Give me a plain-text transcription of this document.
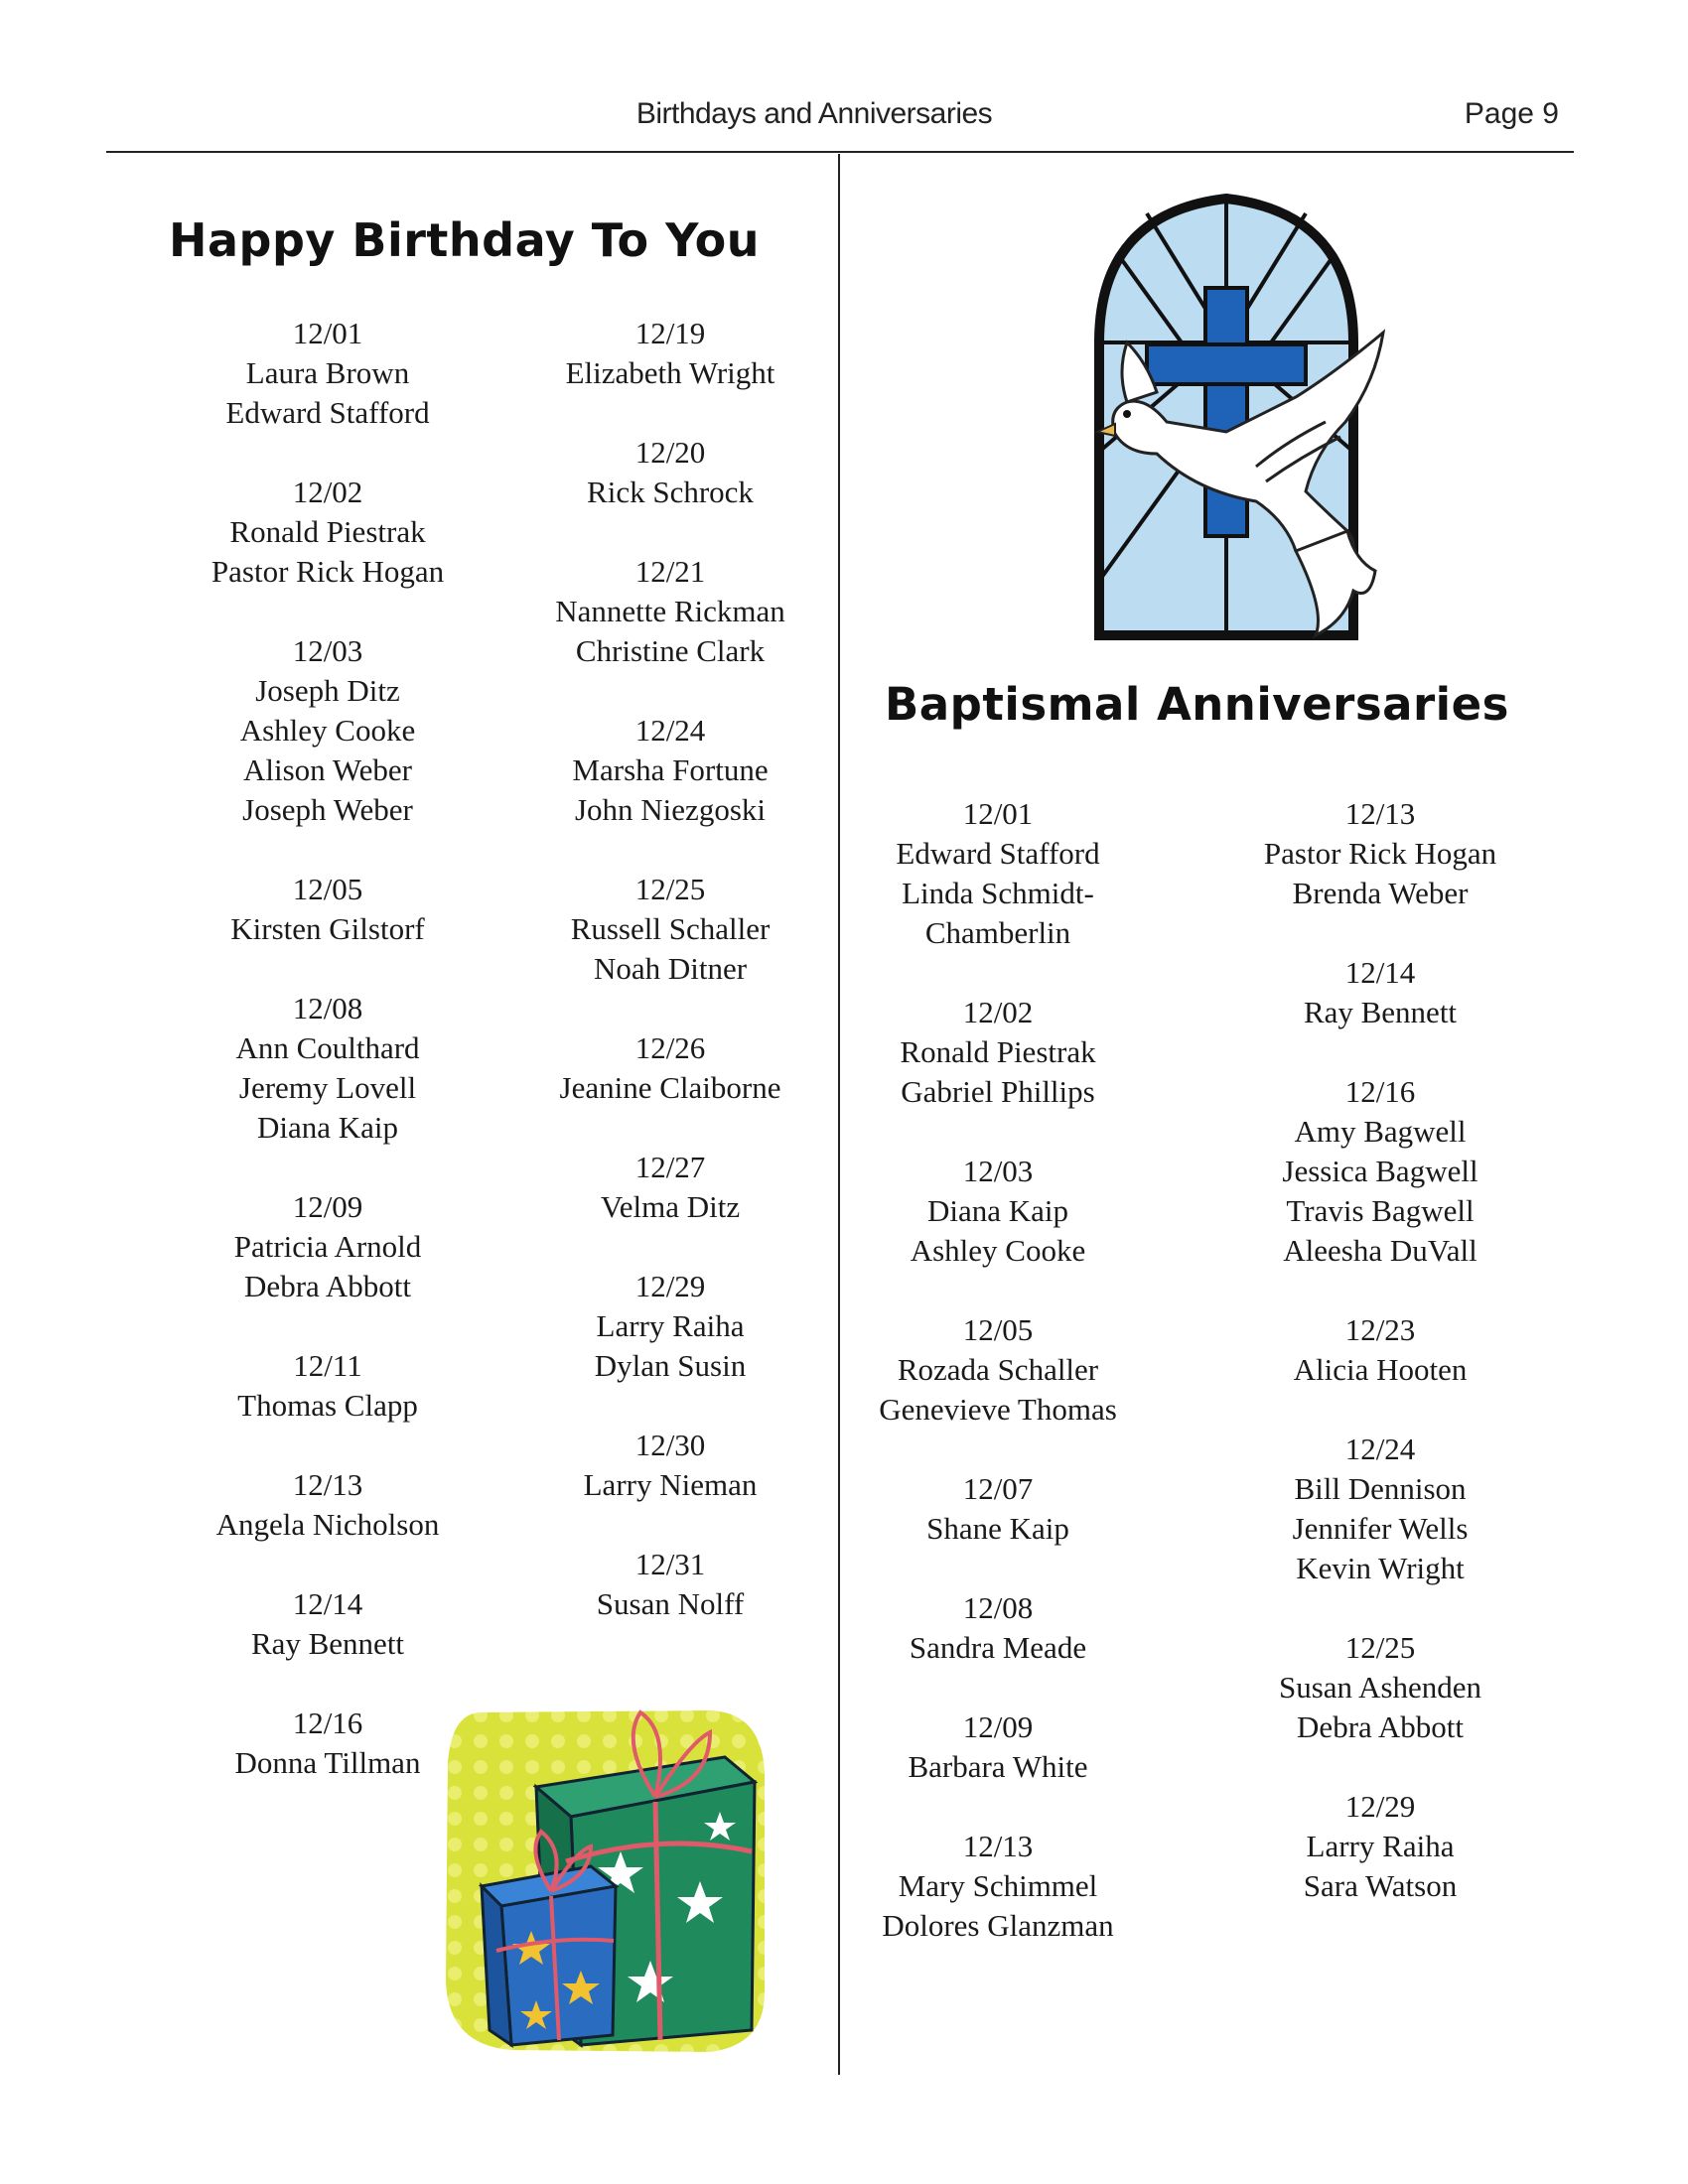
Birthdays and Anniversaries	Page 9
Happy Birthday To You
12/01
Laura Brown
Edward Stafford
12/02
Ronald Piestrak
Pastor Rick Hogan
12/03
Joseph Ditz
Ashley Cooke
Alison Weber
Joseph Weber
12/05
Kirsten Gilstorf
12/08
Ann Coulthard
Jeremy Lovell
Diana Kaip
12/09
Patricia Arnold
Debra Abbott
12/11
Thomas Clapp
12/13
Angela Nicholson
12/14
Ray Bennett
12/16
Donna Tillman
12/19
Elizabeth Wright
12/20
Rick Schrock
12/21
Nannette Rickman
Christine Clark
12/24
Marsha Fortune
John Niezgoski
12/25
Russell Schaller
Noah Ditner
12/26
Jeanine Claiborne
12/27
Velma Ditz
12/29
Larry Raiha
Dylan Susin
12/30
Larry Nieman
12/31
Susan Nolff
Baptismal Anniversaries
12/01
Edward Stafford
Linda Schmidt-
Chamberlin
12/02
Ronald Piestrak
Gabriel Phillips
12/03
Diana Kaip
Ashley Cooke
12/05
Rozada Schaller
Genevieve Thomas
12/07
Shane Kaip
12/08
Sandra Meade
12/09
Barbara White
12/13
Mary Schimmel
Dolores Glanzman
12/13
Pastor Rick Hogan
Brenda Weber
12/14
Ray Bennett
12/16
Amy Bagwell
Jessica Bagwell
Travis Bagwell
Aleesha DuVall
12/23
Alicia Hooten
12/24
Bill Dennison
Jennifer Wells
Kevin Wright
12/25
Susan Ashenden
Debra Abbott
12/29
Larry Raiha
Sara Watson
